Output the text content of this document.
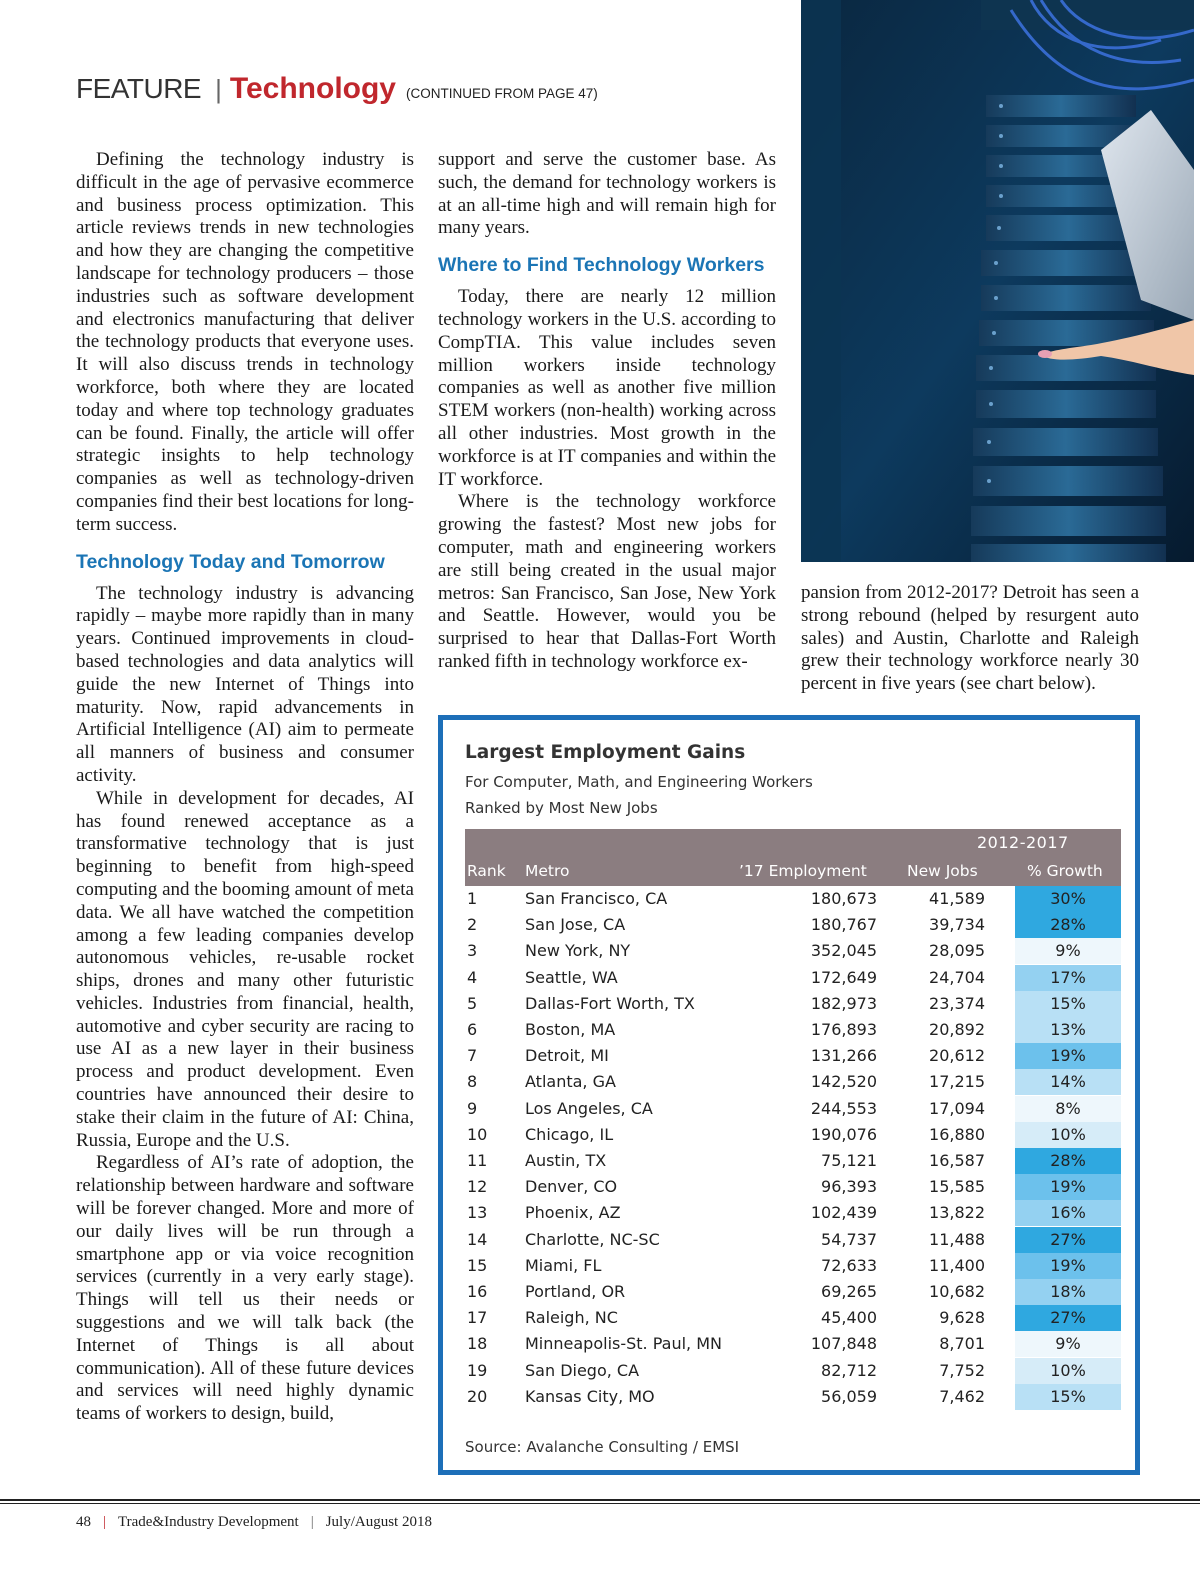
FEATURE | Technology (CONTINUED FROM PAGE 47)

Defining the technology industry is difficult in the age of pervasive ecommerce and business process optimization. This article reviews trends in new technologies and how they are changing the competitive landscape for technology producers – those industries such as software development and electronics manufacturing that deliver the technology products that everyone uses. It will also discuss trends in technology workforce, both where they are located today and where top technology graduates can be found. Finally, the article will offer strategic insights to help technology companies as well as technology-driven companies find their best locations for long-term success.

Technology Today and Tomorrow

The technology industry is advancing rapidly – maybe more rapidly than in many years. Continued improvements in cloud-based technologies and data analytics will guide the new Internet of Things into maturity. Now, rapid advancements in Artificial Intelligence (AI) aim to permeate all manners of business and consumer activity.

While in development for decades, AI has found renewed acceptance as a transformative technology that is just beginning to benefit from high-speed computing and the booming amount of meta data. We all have watched the competition among a few leading companies develop autonomous vehicles, re-usable rocket ships, drones and many other futuristic vehicles. Industries from financial, health, automotive and cyber security are racing to use AI as a new layer in their business process and product development. Even countries have announced their desire to stake their claim in the future of AI: China, Russia, Europe and the U.S.

Regardless of AI’s rate of adoption, the relationship between hardware and software will be forever changed. More and more of our daily lives will be run through a smartphone app or via voice recognition services (currently in a very early stage). Things will tell us their needs or suggestions and we will talk back (the Internet of Things is all about communication). All of these future devices and services will need highly dynamic teams of workers to design, build,

support and serve the customer base. As such, the demand for technology workers is at an all-time high and will remain high for many years.

Where to Find Technology Workers

Today, there are nearly 12 million technology workers in the U.S. according to CompTIA. This value includes seven million workers inside technology companies as well as another five million STEM workers (non-health) working across all other industries. Most growth in the workforce is at IT companies and within the IT workforce.

Where is the technology workforce growing the fastest? Most new jobs for computer, math and engineering workers are still being created in the usual major metros: San Francisco, San Jose, New York and Seattle. However, would you be surprised to hear that Dallas-Fort Worth ranked fifth in technology workforce ex-

pansion from 2012-2017? Detroit has seen a strong rebound (helped by resurgent auto sales) and Austin, Charlotte and Raleigh grew their technology workforce nearly 30 percent in five years (see chart below).

Largest Employment Gains
For Computer, Math, and Engineering Workers
Ranked by Most New Jobs
2012-2017
Rank Metro	’17 Employment	New Jobs	% Growth
1	San Francisco, CA	180,673	41,589	30%
2	San Jose, CA	180,767	39,734	28%
3	New York, NY	352,045	28,095	9%
4	Seattle, WA	172,649	24,704	17%
5	Dallas-Fort Worth, TX	182,973	23,374	15%
6	Boston, MA	176,893	20,892	13%
7	Detroit, MI	131,266	20,612	19%
8	Atlanta, GA	142,520	17,215	14%
9	Los Angeles, CA	244,553	17,094	8%
10 Chicago, IL	190,076	16,880	10%
11 Austin, TX	75,121	16,587	28%
12 Denver, CO	96,393	15,585	19%
13 Phoenix, AZ	102,439	13,822	16%
14 Charlotte, NC-SC	54,737	11,488	27%
15 Miami, FL	72,633	11,400	19%
16 Portland, OR	69,265	10,682	18%
17 Raleigh, NC	45,400	9,628	27%
18 Minneapolis-St. Paul, MN	107,848	8,701	9%
19 San Diego, CA	82,712	7,752	10%
20 Kansas City, MO	56,059	7,462	15%
Source: Avalanche Consulting / EMSI
48 | Trade&Industry Development | July/August 2018
